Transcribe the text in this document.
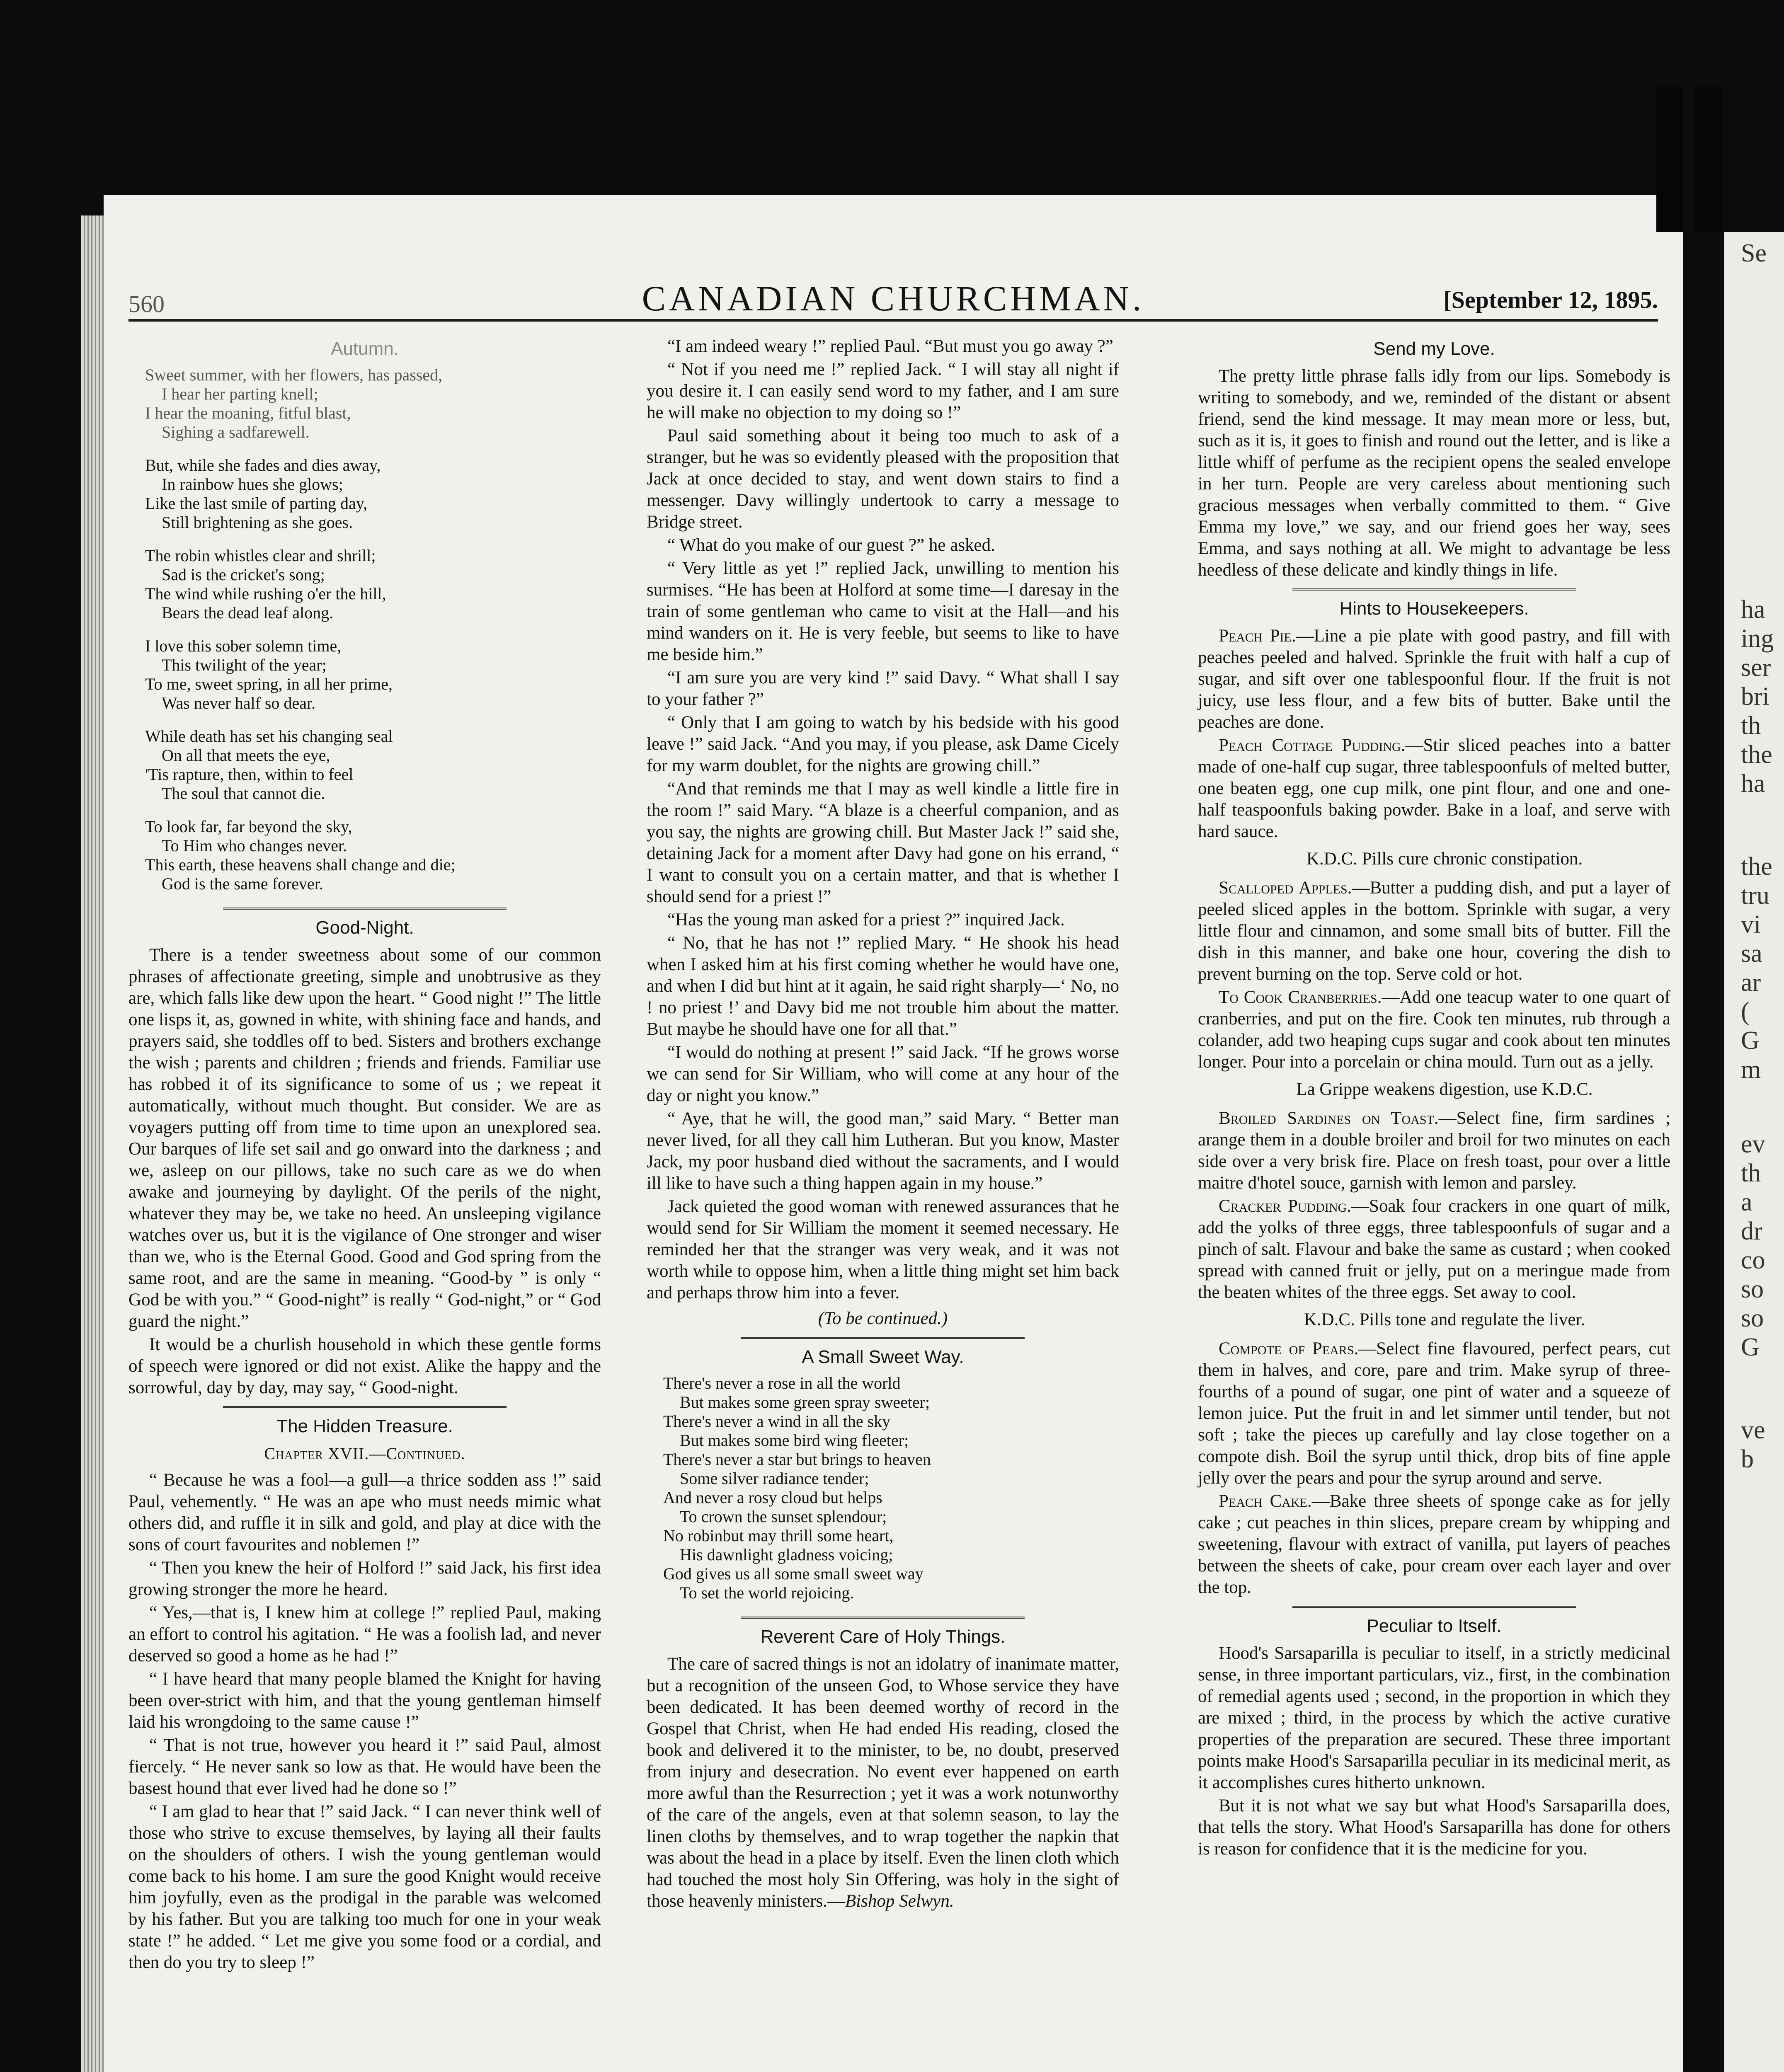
560	CANADIAN CHURCHMAN.	[September 12, 1895.
Autumn.
Sweet summer, with her flowers, has passed,
I hear her parting knell;
I hear the moaning, fitful blast,
Sighing a sadfarewell.
But, while she fades and dies away,
In rainbow hues she glows;
Like the last smile of parting day,
Still brightening as she goes.
The robin whistles clear and shrill;
Sad is the cricket's song;
The wind while rushing o'er the hill,
Bears the dead leaf along.
I love this sober solemn time,
This twilight of the year;
To me, sweet spring, in all her prime,
Was never half so dear.
While death has set his changing seal
On all that meets the eye,
'Tis rapture, then, within to feel
The soul that cannot die.
To look far, far beyond the sky,
To Him who changes never.
This earth, these heavens shall change and die;
God is the same forever.
Good-Night.

There is a tender sweetness about some of our common phrases of affectionate greeting, simple and unobtrusive as they are, which falls like dew upon the heart. “ Good night !” The little one lisps it, as, gowned in white, with shining face and hands, and prayers said, she toddles off to bed. Sisters and brothers exchange the wish ; parents and children ; friends and friends. Familiar use has robbed it of its significance to some of us ; we repeat it automatically, without much thought. But consider. We are as voyagers putting off from time to time upon an unexplored sea. Our barques of life set sail and go onward into the darkness ; and we, asleep on our pillows, take no such care as we do when awake and journeying by daylight. Of the perils of the night, whatever they may be, we take no heed. An unsleeping vigilance watches over us, but it is the vigilance of One stronger and wiser than we, who is the Eternal Good. Good and God spring from the same root, and are the same in meaning. “Good-by ” is only “ God be with you.” “ Good-night” is really “ God-night,” or “ God guard the night.”

It would be a churlish household in which these gentle forms of speech were ignored or did not exist. Alike the happy and the sorrowful, day by day, may say, “ Good-night.

The Hidden Treasure.
Chapter XVII.—Continued.

“ Because he was a fool—a gull—a thrice sodden ass !” said Paul, vehemently. “ He was an ape who must needs mimic what others did, and ruffle it in silk and gold, and play at dice with the sons of court favourites and noblemen !”

“ Then you knew the heir of Holford !” said Jack, his first idea growing stronger the more he heard.

“ Yes,—that is, I knew him at college !” replied Paul, making an effort to control his agitation. “ He was a foolish lad, and never deserved so good a home as he had !”

“ I have heard that many people blamed the Knight for having been over-strict with him, and that the young gentleman himself laid his wrongdoing to the same cause !”

“ That is not true, however you heard it !” said Paul, almost fiercely. “ He never sank so low as that. He would have been the basest hound that ever lived had he done so !”

“ I am glad to hear that !” said Jack. “ I can never think well of those who strive to excuse themselves, by laying all their faults on the shoulders of others. I wish the young gentleman would come back to his home. I am sure the good Knight would receive him joyfully, even as the prodigal in the parable was welcomed by his father. But you are talking too much for one in your weak state !” he added. “ Let me give you some food or a cordial, and then do you try to sleep !”

“I am indeed weary !” replied Paul. “But must you go away ?”

“ Not if you need me !” replied Jack. “ I will stay all night if you desire it. I can easily send word to my father, and I am sure he will make no objection to my doing so !”

Paul said something about it being too much to ask of a stranger, but he was so evidently pleased with the proposition that Jack at once decided to stay, and went down stairs to find a messenger. Davy willingly undertook to carry a message to Bridge street.

“ What do you make of our guest ?” he asked.

“ Very little as yet !” replied Jack, unwilling to mention his surmises. “He has been at Holford at some time—I daresay in the train of some gentleman who came to visit at the Hall—and his mind wanders on it. He is very feeble, but seems to like to have me beside him.”

“I am sure you are very kind !” said Davy. “ What shall I say to your father ?”

“ Only that I am going to watch by his bedside with his good leave !” said Jack. “And you may, if you please, ask Dame Cicely for my warm doublet, for the nights are growing chill.”

“And that reminds me that I may as well kindle a little fire in the room !” said Mary. “A blaze is a cheerful companion, and as you say, the nights are growing chill. But Master Jack !” said she, detaining Jack for a moment after Davy had gone on his errand, “ I want to consult you on a certain matter, and that is whether I should send for a priest !”

“Has the young man asked for a priest ?” inquired Jack.

“ No, that he has not !” replied Mary. “ He shook his head when I asked him at his first coming whether he would have one, and when I did but hint at it again, he said right sharply—‘ No, no ! no priest !’ and Davy bid me not trouble him about the matter. But maybe he should have one for all that.”

“I would do nothing at present !” said Jack. “If he grows worse we can send for Sir William, who will come at any hour of the day or night you know.”

“ Aye, that he will, the good man,” said Mary. “ Better man never lived, for all they call him Lutheran. But you know, Master Jack, my poor husband died without the sacraments, and I would ill like to have such a thing happen again in my house.”

Jack quieted the good woman with renewed assurances that he would send for Sir William the moment it seemed necessary. He reminded her that the stranger was very weak, and it was not worth while to oppose him, when a little thing might set him back and perhaps throw him into a fever.

(To be continued.)
A Small Sweet Way.
There's never a rose in all the world
But makes some green spray sweeter;
There's never a wind in all the sky
But makes some bird wing fleeter;
There's never a star but brings to heaven
Some silver radiance tender;
And never a rosy cloud but helps
To crown the sunset splendour;
No robinbut may thrill some heart,
His dawnlight gladness voicing;
God gives us all some small sweet way
To set the world rejoicing.
Reverent Care of Holy Things.

The care of sacred things is not an idolatry of inanimate matter, but a recognition of the unseen God, to Whose service they have been dedicated. It has been deemed worthy of record in the Gospel that Christ, when He had ended His reading, closed the book and delivered it to the minister, to be, no doubt, preserved from injury and desecration. No event ever happened on earth more awful than the Resurrection ; yet it was a work notunworthy of the care of the angels, even at that solemn season, to lay the linen cloths by themselves, and to wrap together the napkin that was about the head in a place by itself. Even the linen cloth which had touched the most holy Sin Offering, was holy in the sight of those heavenly ministers.—Bishop Selwyn.

Send my Love.

The pretty little phrase falls idly from our lips. Somebody is writing to somebody, and we, reminded of the distant or absent friend, send the kind message. It may mean more or less, but, such as it is, it goes to finish and round out the letter, and is like a little whiff of perfume as the recipient opens the sealed envelope in her turn. People are very careless about mentioning such gracious messages when verbally committed to them. “ Give Emma my love,” we say, and our friend goes her way, sees Emma, and says nothing at all. We might to advantage be less heedless of these delicate and kindly things in life.

Hints to Housekeepers.

Peach Pie.—Line a pie plate with good pastry, and fill with peaches peeled and halved. Sprinkle the fruit with half a cup of sugar, and sift over one tablespoonful flour. If the fruit is not juicy, use less flour, and a few bits of butter. Bake until the peaches are done.

Peach Cottage Pudding.—Stir sliced peaches into a batter made of one-half cup sugar, three tablespoonfuls of melted butter, one beaten egg, one cup milk, one pint flour, and one and one-half teaspoonfuls baking powder. Bake in a loaf, and serve with hard sauce.

K.D.C. Pills cure chronic constipation.

Scalloped Apples.—Butter a pudding dish, and put a layer of peeled sliced apples in the bottom. Sprinkle with sugar, a very little flour and cinnamon, and some small bits of butter. Fill the dish in this manner, and bake one hour, covering the dish to prevent burning on the top. Serve cold or hot.

To Cook Cranberries.—Add one teacup water to one quart of cranberries, and put on the fire. Cook ten minutes, rub through a colander, add two heaping cups sugar and cook about ten minutes longer. Pour into a porcelain or china mould. Turn out as a jelly.

La Grippe weakens digestion, use K.D.C.

Broiled Sardines on Toast.—Select fine, firm sardines ; arange them in a double broiler and broil for two minutes on each side over a very brisk fire. Place on fresh toast, pour over a little maitre d'hotel souce, garnish with lemon and parsley.

Cracker Pudding.—Soak four crackers in one quart of milk, add the yolks of three eggs, three tablespoonfuls of sugar and a pinch of salt. Flavour and bake the same as custard ; when cooked spread with canned fruit or jelly, put on a meringue made from the beaten whites of the three eggs. Set away to cool.

K.D.C. Pills tone and regulate the liver.

Compote of Pears.—Select fine flavoured, perfect pears, cut them in halves, and core, pare and trim. Make syrup of three-fourths of a pound of sugar, one pint of water and a squeeze of lemon juice. Put the fruit in and let simmer until tender, but not soft ; take the pieces up carefully and lay close together on a compote dish. Boil the syrup until thick, drop bits of fine apple jelly over the pears and pour the syrup around and serve.

Peach Cake.—Bake three sheets of sponge cake as for jelly cake ; cut peaches in thin slices, prepare cream by whipping and sweetening, flavour with extract of vanilla, put layers of peaches between the sheets of cake, pour cream over each layer and over the top.

Peculiar to Itself.

Hood's Sarsaparilla is peculiar to itself, in a strictly medicinal sense, in three important particulars, viz., first, in the combination of remedial agents used ; second, in the proportion in which they are mixed ; third, in the process by which the active curative properties of the preparation are secured. These three important points make Hood's Sarsaparilla peculiar in its medicinal merit, as it accomplishes cures hitherto unknown.

But it is not what we say but what Hood's Sarsaparilla does, that tells the story. What Hood's Sarsaparilla has done for others is reason for confidence that it is the medicine for you.

Se
ha
ing
ser
bri
th
the
ha
the
tru
vi
sa
ar
(
G
m
ev
th
a
dr
co
so
so
G
ve
b
